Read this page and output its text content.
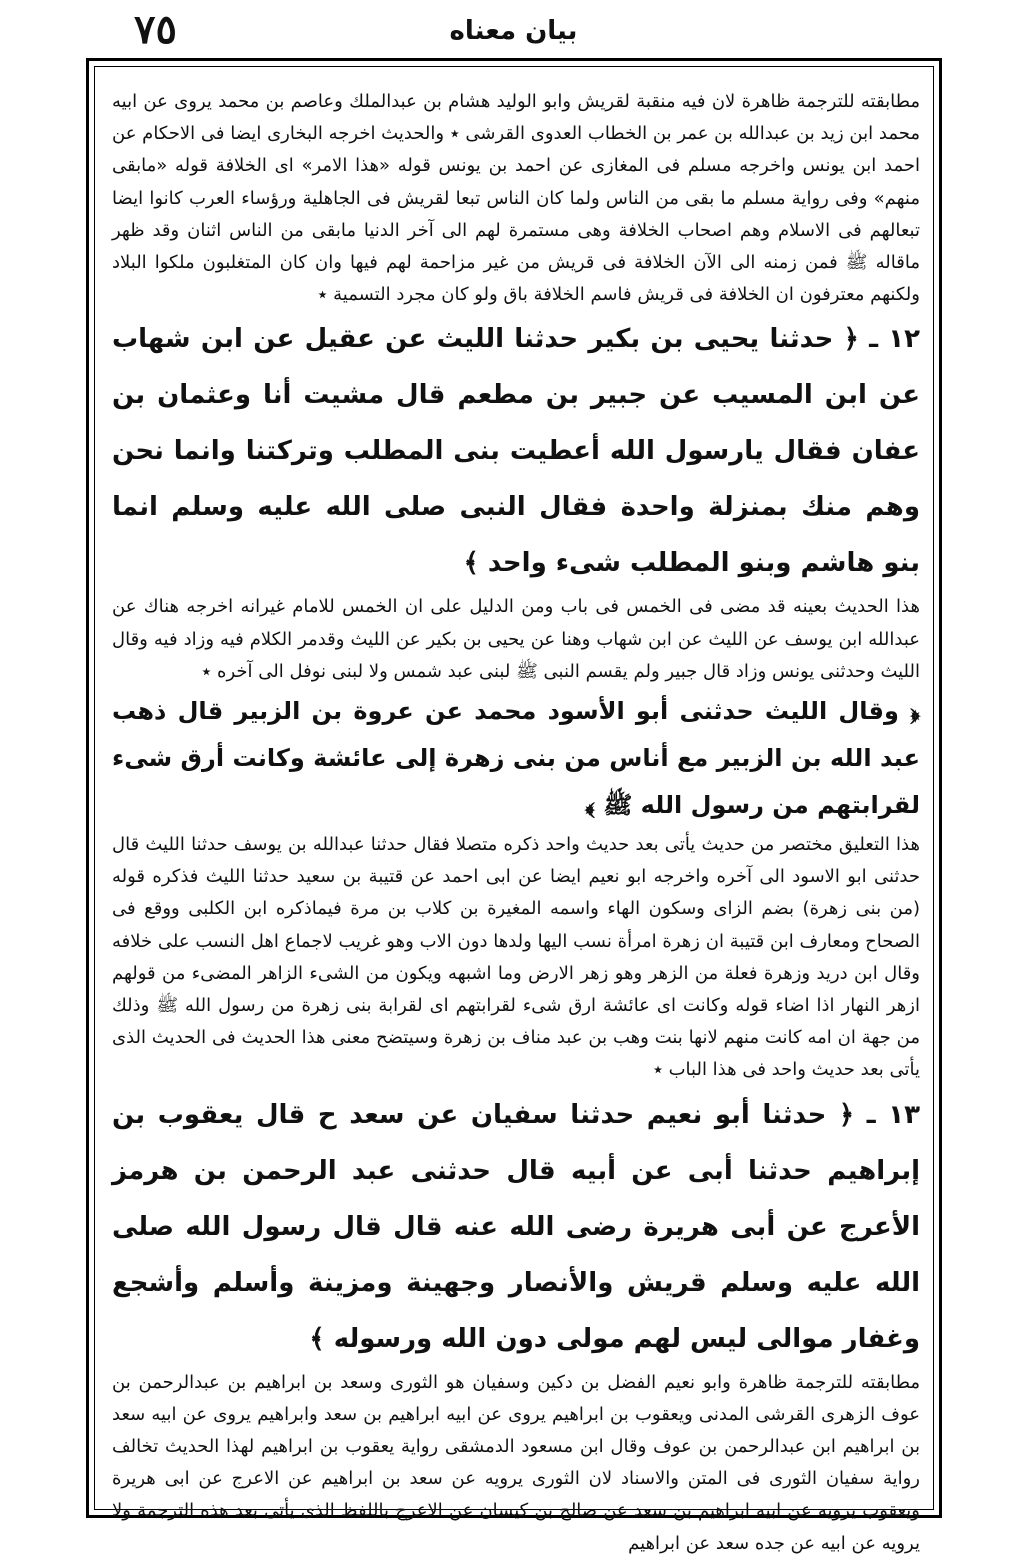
٧٥	بیان معناه

مطابقته للترجمة ظاهرة لان فيه منقبة لقريش وابو الوليد هشام بن عبدالملك وعاصم بن محمد يروى عن ابيه محمد ابن زيد بن عبدالله بن عمر بن الخطاب العدوى القرشى ٭ والحديث اخرجه البخارى ايضا فى الاحكام عن احمد ابن يونس واخرجه مسلم فى المغازى عن احمد بن يونس قوله «هذا الامر» اى الخلافة قوله «مابقى منهم» وفى رواية مسلم ما بقى من الناس ولما كان الناس تبعا لقريش فى الجاهلية ورؤساء العرب كانوا ايضا تبعالهم فى الاسلام وهم اصحاب الخلافة وهى مستمرة لهم الى آخر الدنيا مابقى من الناس اثنان وقد ظهر ماقاله ﷺ فمن زمنه الى الآن الخلافة فى قريش من غير مزاحمة لهم فيها وان كان المتغلبون ملكوا البلاد ولكنهم معترفون ان الخلافة فى قريش فاسم الخلافة باق ولو كان مجرد التسمية ٭

١٢ ـ ﴿ حدثنا يحيى بن بكير حدثنا الليث عن عقيل عن ابن شهاب عن ابن المسيب عن جبير بن مطعم قال مشيت أنا وعثمان بن عفان فقال يارسول الله أعطيت بنى المطلب وتركتنا وانما نحن وهم منك بمنزلة واحدة فقال النبى صلى الله عليه وسلم انما بنو هاشم وبنو المطلب شىء واحد ﴾

هذا الحديث بعينه قد مضى فى الخمس فى باب ومن الدليل على ان الخمس للامام غيرانه اخرجه هناك عن عبدالله ابن يوسف عن الليث عن ابن شهاب وهنا عن يحيى بن بكير عن الليث وقدمر الكلام فيه وزاد فيه وقال الليث وحدثنى يونس وزاد قال جبير ولم يقسم النبى ﷺ لبنى عبد شمس ولا لبنى نوفل الى آخره ٭

﴿ وقال الليث حدثنى أبو الأسود محمد عن عروة بن الزبير قال ذهب عبد الله بن الزبير مع أناس من بنى زهرة إلى عائشة وكانت أرق شىء لقرابتهم من رسول الله ﷺ ﴾

هذا التعليق مختصر من حديث يأتى بعد حديث واحد ذكره متصلا فقال حدثنا عبدالله بن يوسف حدثنا الليث قال حدثنى ابو الاسود الى آخره واخرجه ابو نعيم ايضا عن ابى احمد عن قتيبة بن سعيد حدثنا الليث فذكره قوله (من بنى زهرة) بضم الزاى وسكون الهاء واسمه المغيرة بن كلاب بن مرة فيماذكره ابن الكلبى ووقع فى الصحاح ومعارف ابن قتيبة ان زهرة امرأة نسب اليها ولدها دون الاب وهو غريب لاجماع اهل النسب على خلافه وقال ابن دريد وزهرة فعلة من الزهر وهو زهر الارض وما اشبهه ويكون من الشىء الزاهر المضىء من قولهم ازهر النهار اذا اضاء قوله وكانت اى عائشة ارق شىء لقرابتهم اى لقرابة بنى زهرة من رسول الله ﷺ وذلك من جهة ان امه كانت منهم لانها بنت وهب بن عبد مناف بن زهرة وسيتضح معنى هذا الحديث فى الحديث الذى يأتى بعد حديث واحد فى هذا الباب ٭

١٣ ـ ﴿ حدثنا أبو نعيم حدثنا سفيان عن سعد ح قال يعقوب بن إبراهيم حدثنا أبى عن أبيه قال حدثنى عبد الرحمن بن هرمز الأعرج عن أبى هريرة رضى الله عنه قال قال رسول الله صلى الله عليه وسلم قريش والأنصار وجهينة ومزينة وأسلم وأشجع وغفار موالى ليس لهم مولى دون الله ورسوله ﴾

مطابقته للترجمة ظاهرة وابو نعيم الفضل بن دكين وسفيان هو الثورى وسعد بن ابراهيم بن عبدالرحمن بن عوف الزهرى القرشى المدنى ويعقوب بن ابراهيم يروى عن ابيه ابراهيم بن سعد وابراهيم يروى عن ابيه سعد بن ابراهيم ابن عبدالرحمن بن عوف وقال ابن مسعود الدمشقى رواية يعقوب بن ابراهيم لهذا الحديث تخالف رواية سفيان الثورى فى المتن والاسناد لان الثورى يرويه عن سعد بن ابراهيم عن الاعرج عن ابى هريرة ويعقوب يرويه عن ابيه ابراهيم بن سعد عن صالح بن كيسان عن الاعرج باللفظ الذى يأتى بعد هذه الترجمة ولا يرويه عن ابيه عن جده سعد عن ابراهيم
